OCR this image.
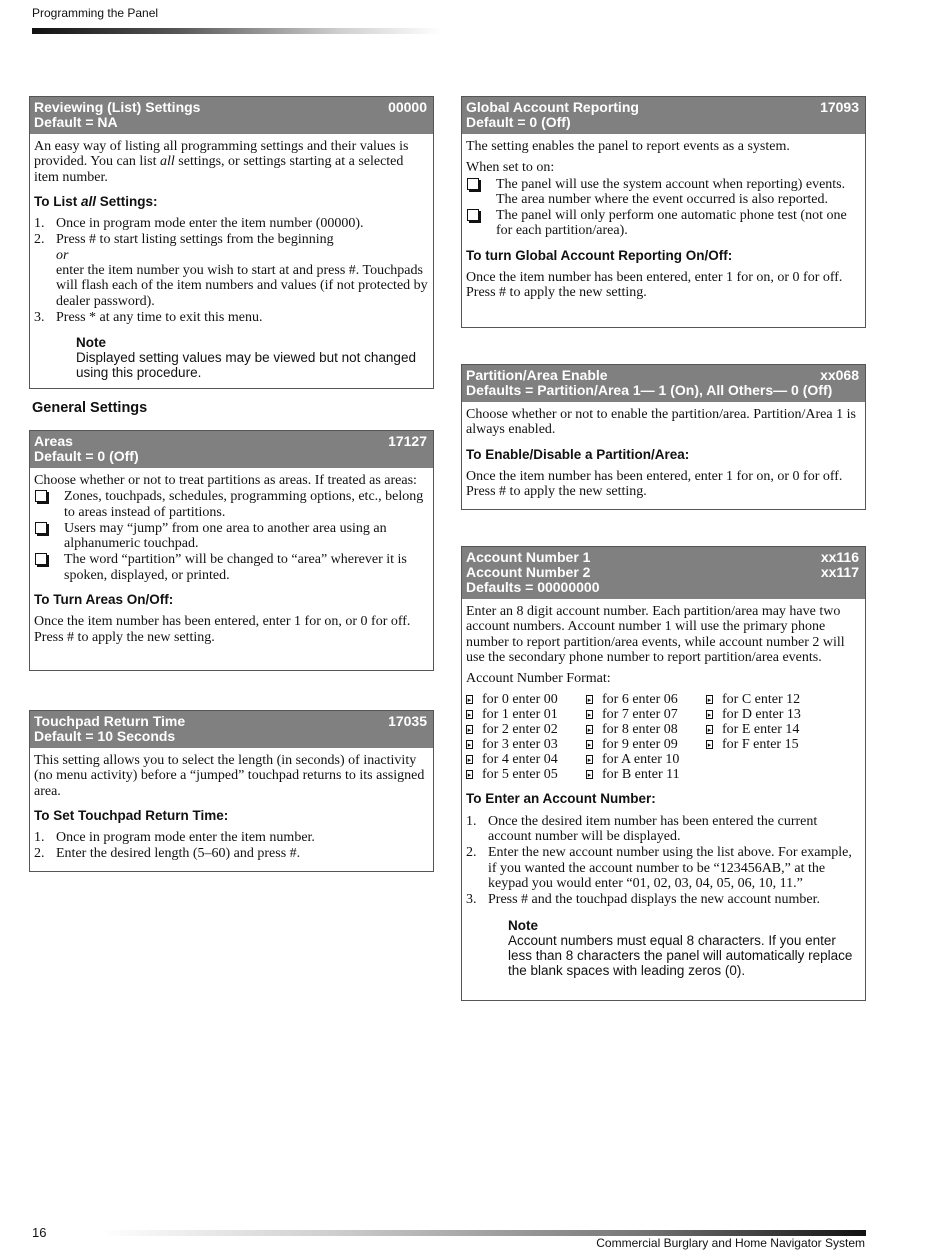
Programming the Panel
Reviewing (List) Settings	00000
Default = NA

An easy way of listing all programming settings and their values is provided. You can list all settings, or settings starting at a selected item number.

To List all Settings:
1. Once in program mode enter the item number (00000).
2. Press # to start listing settings from the beginning
or
enter the item number you wish to start at and press #. Touchpads will flash each of the item numbers and values (if not protected by dealer password).
3. Press * at any time to exit this menu.
Note
Displayed setting values may be viewed but not changed using this procedure.
General Settings
Areas	17127
Default = 0 (Off)

Choose whether or not to treat partitions as areas. If treated as areas:

Zones, touchpads, schedules, programming options, etc., belong to areas instead of partitions.
Users may “jump” from one area to another area using an alphanumeric touchpad.
The word “partition” will be changed to “area” wherever it is spoken, displayed, or printed.
To Turn Areas On/Off:

Once the item number has been entered, enter 1 for on, or 0 for off. Press # to apply the new setting.

Touchpad Return Time	17035
Default = 10 Seconds

This setting allows you to select the length (in seconds) of inactivity (no menu activity) before a “jumped” touchpad returns to its assigned area.

To Set Touchpad Return Time:
1. Once in program mode enter the item number.
2. Enter the desired length (5–60) and press #.
Global Account Reporting	17093
Default = 0 (Off)

The setting enables the panel to report events as a system.

When set to on:

The panel will use the system account when reporting) events. The area number where the event occurred is also reported.
The panel will only perform one automatic phone test (not one for each partition/area).
To turn Global Account Reporting On/Off:

Once the item number has been entered, enter 1 for on, or 0 for off. Press # to apply the new setting.

Partition/Area Enable	xx068
Defaults = Partition/Area 1— 1 (On), All Others— 0 (Off)

Choose whether or not to enable the partition/area. Partition/Area 1 is always enabled.

To Enable/Disable a Partition/Area:

Once the item number has been entered, enter 1 for on, or 0 for off. Press # to apply the new setting.

Account Number 1	xx116
Account Number 2	xx117
Defaults = 00000000

Enter an 8 digit account number. Each partition/area may have two account numbers. Account number 1 will use the primary phone number to report partition/area events, while account number 2 will use the secondary phone number to report partition/area events.

Account Number Format:

▸ for 0 enter 00	▸ for 6 enter 06	▸ for C enter 12
▸ for 1 enter 01	▸ for 7 enter 07	▸ for D enter 13
▸ for 2 enter 02	▸ for 8 enter 08	▸ for E enter 14
▸ for 3 enter 03	▸ for 9 enter 09	▸ for F enter 15
▸ for 4 enter 04	▸ for A enter 10
▸ for 5 enter 05	▸ for B enter 11
To Enter an Account Number:
1. Once the desired item number has been entered the current account number will be displayed.
2. Enter the new account number using the list above. For example, if you wanted the account number to be “123456AB,” at the keypad you would enter “01, 02, 03, 04, 05, 06, 10, 11.”
3. Press # and the touchpad displays the new account number.
Note
Account numbers must equal 8 characters. If you enter less than 8 characters the panel will automatically replace the blank spaces with leading zeros (0).
16
Commercial Burglary and Home Navigator System
